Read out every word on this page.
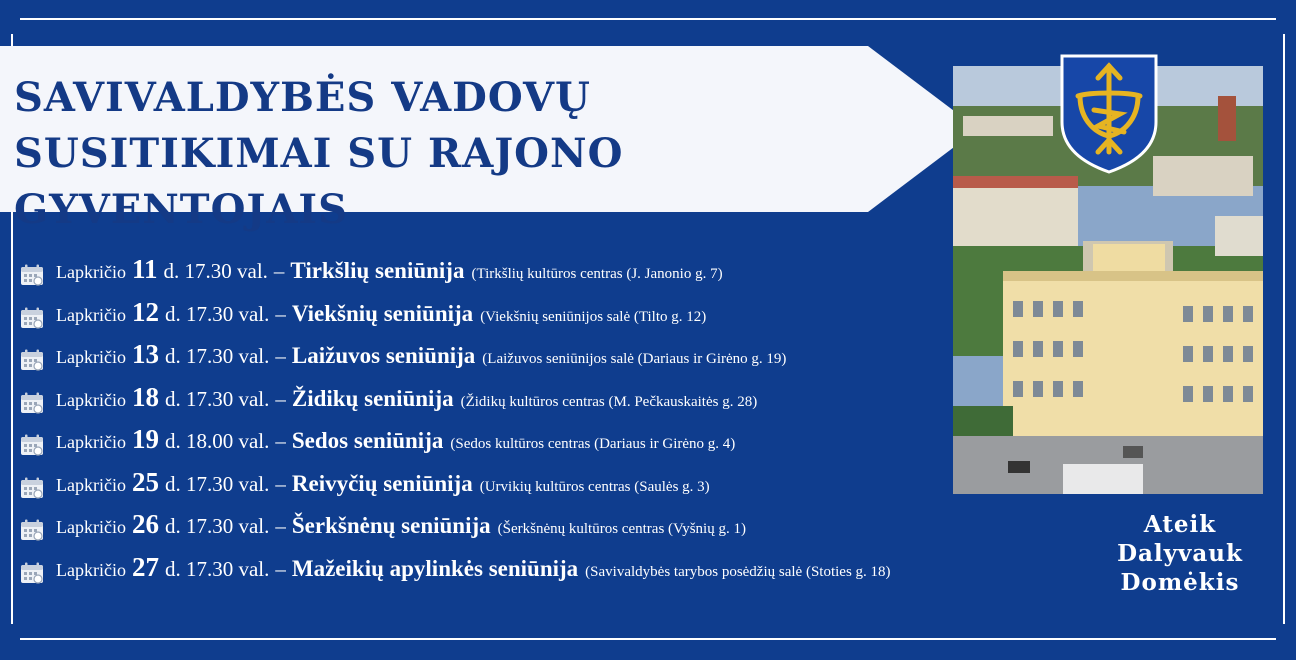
SAVIVALDYBĖS VADOVŲ
SUSITIKIMAI SU RAJONO GYVENTOJAIS
Lapkričio 11 d. 17.30 val. – Tirkšlių seniūnija (Tirkšlių kultūros centras (J. Janonio g. 7)
Lapkričio 12 d. 17.30 val. – Viekšnių seniūnija (Viekšnių seniūnijos salė (Tilto g. 12)
Lapkričio 13 d. 17.30 val. – Laižuvos seniūnija (Laižuvos seniūnijos salė (Dariaus ir Girėno g. 19)
Lapkričio 18 d. 17.30 val. – Židikų seniūnija (Židikų kultūros centras (M. Pečkauskaitės g. 28)
Lapkričio 19 d. 18.00 val. – Sedos seniūnija (Sedos kultūros centras (Dariaus ir Girėno g. 4)
Lapkričio 25 d. 17.30 val. – Reivyčių seniūnija (Urvikių kultūros centras (Saulės g. 3)
Lapkričio 26 d. 17.30 val. – Šerkšnėnų seniūnija (Šerkšnėnų kultūros centras (Vyšnių g. 1)
Lapkričio 27 d. 17.30 val. – Mažeikių apylinkės seniūnija (Savivaldybės tarybos posėdžių salė (Stoties g. 18)
Ateik
Dalyvauk
Domėkis
